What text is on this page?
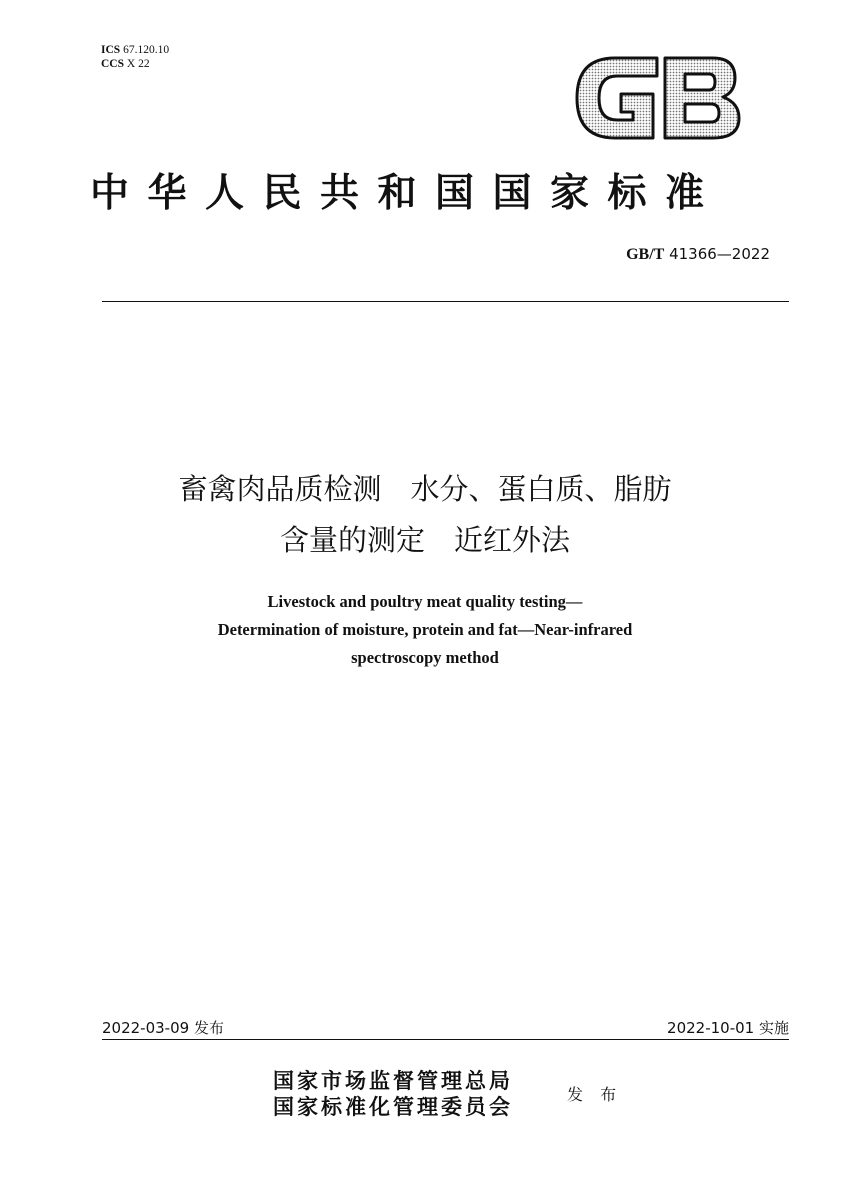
ICS 67.120.10
CCS X 22
中华人民共和国国家标准
GB/T 41366—2022
畜禽肉品质检测　水分、蛋白质、脂肪
含量的测定　近红外法
Livestock and poultry meat quality testing—
Determination of moisture, protein and fat—Near-infrared
spectroscopy method
2022-03-09 发布	2022-10-01 实施
国家市场监督管理总局
国家标准化管理委员会	发 布
